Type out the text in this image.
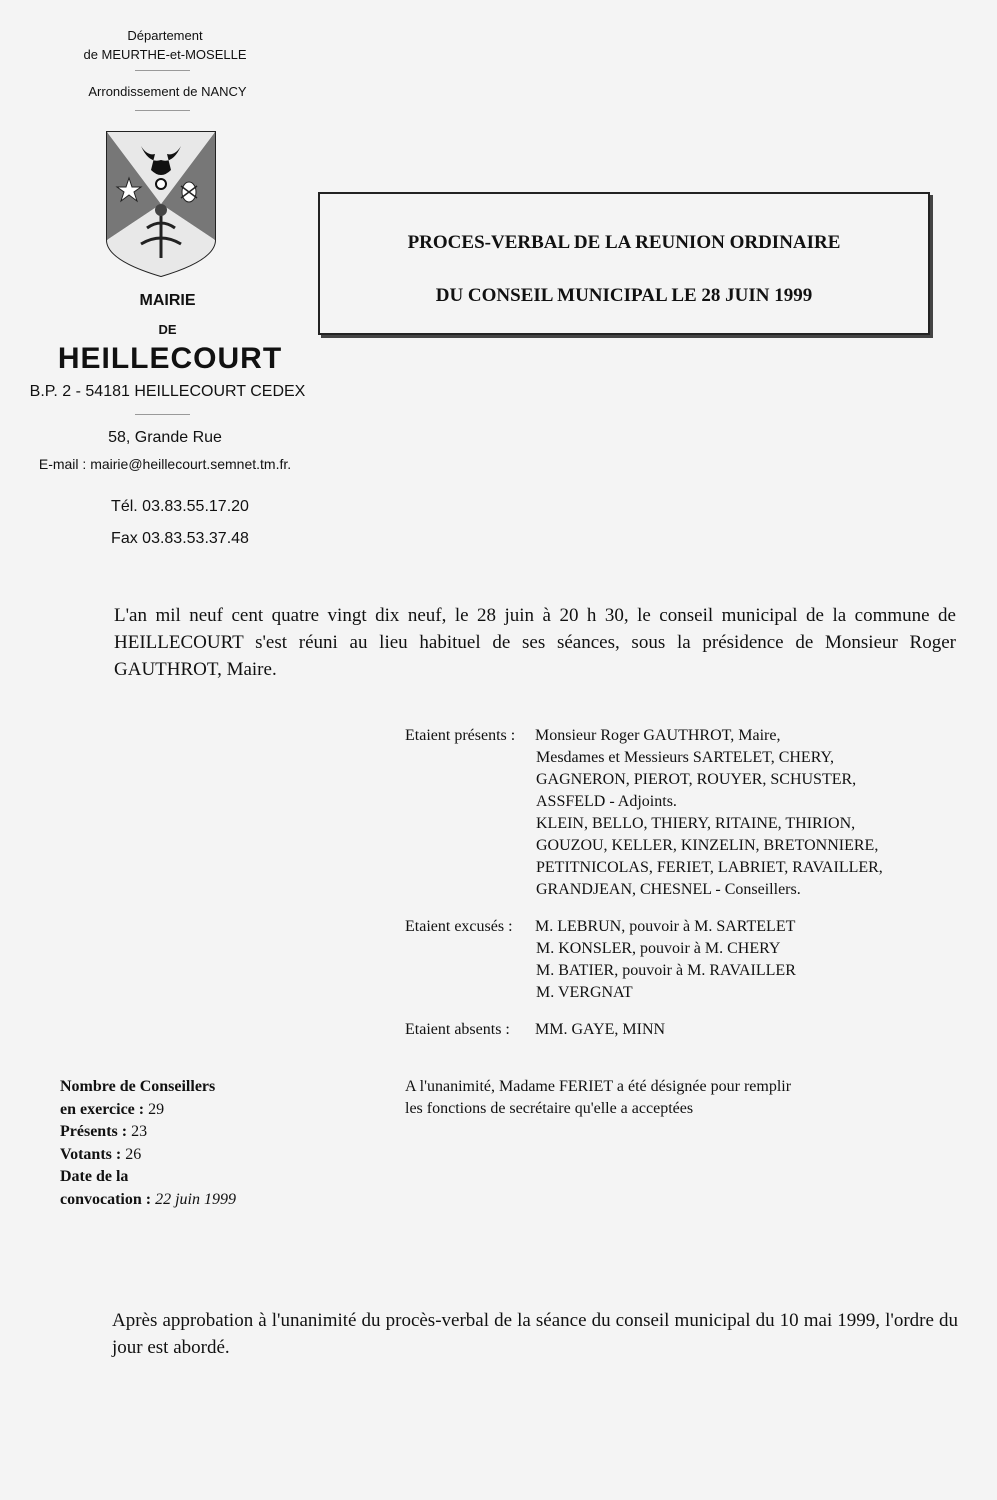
Département
de MEURTHE-et-MOSELLE
Arrondissement de NANCY
MAIRIE
DE
HEILLECOURT
B.P. 2 - 54181 HEILLECOURT CEDEX
58, Grande Rue
E-mail : mairie@heillecourt.semnet.tm.fr.
Tél. 03.83.55.17.20
Fax 03.83.53.37.48
PROCES-VERBAL DE LA REUNION ORDINAIRE
DU CONSEIL MUNICIPAL LE 28 JUIN 1999
L'an mil neuf cent quatre vingt dix neuf, le 28 juin à 20 h 30, le conseil municipal de la commune de HEILLECOURT s'est réuni au lieu habituel de ses séances, sous la présidence de Monsieur Roger GAUTHROT, Maire.
Etaient présents : Monsieur Roger GAUTHROT, Maire,
Mesdames et Messieurs SARTELET, CHERY,
GAGNERON, PIEROT, ROUYER, SCHUSTER,
ASSFELD - Adjoints.
KLEIN, BELLO, THIERY, RITAINE, THIRION,
GOUZOU, KELLER, KINZELIN, BRETONNIERE,
PETITNICOLAS, FERIET, LABRIET, RAVAILLER,
GRANDJEAN, CHESNEL - Conseillers.
Etaient excusés : M. LEBRUN, pouvoir à M. SARTELET
M. KONSLER, pouvoir à M. CHERY
M. BATIER, pouvoir à M. RAVAILLER
M. VERGNAT
Etaient absents : MM. GAYE, MINN
A l'unanimité, Madame FERIET a été désignée pour remplir
les fonctions de secrétaire qu'elle a acceptées
Nombre de Conseillers
en exercice : 29
Présents : 23
Votants : 26
Date de la
convocation : 22 juin 1999
Après approbation à l'unanimité du procès-verbal de la séance du conseil municipal du 10 mai 1999, l'ordre du jour est abordé.
